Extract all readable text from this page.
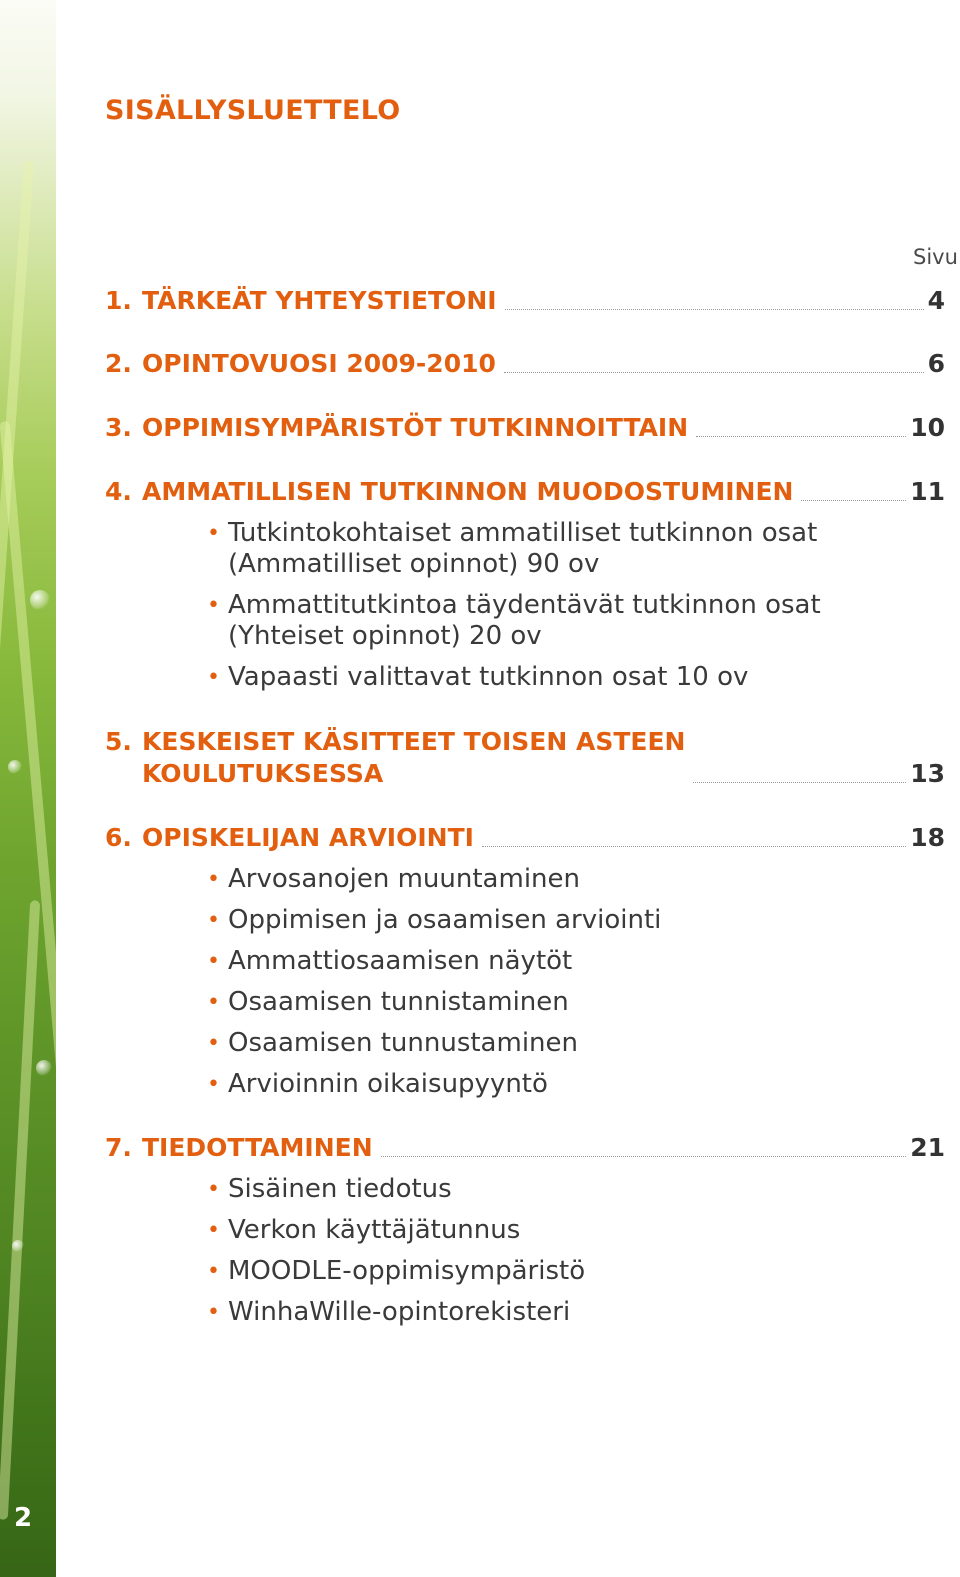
2
SISÄLLYSLUETTELO
Sivu
1. TÄRKEÄT YHTEYSTIETONI	4
2. OPINTOVUOSI 2009-2010	6
3. OPPIMISYMPÄRISTÖT TUTKINNOITTAIN	10
4. AMMATILLISEN TUTKINNON MUODOSTUMINEN	11
• Tutkintokohtaiset ammatilliset tutkinnon osat
(Ammatilliset opinnot) 90 ov
• Ammattitutkintoa täydentävät tutkinnon osat
(Yhteiset opinnot) 20 ov
• Vapaasti valittavat tutkinnon osat 10 ov
5. KESKEISET KÄSITTEET TOISEN ASTEEN
KOULUTUKSESSA	13
6. OPISKELIJAN ARVIOINTI	18
• Arvosanojen muuntaminen
• Oppimisen ja osaamisen arviointi
• Ammattiosaamisen näytöt
• Osaamisen tunnistaminen
• Osaamisen tunnustaminen
• Arvioinnin oikaisupyyntö
7. TIEDOTTAMINEN	21
• Sisäinen tiedotus
• Verkon käyttäjätunnus
• MOODLE-oppimisympäristö
• WinhaWille-opintorekisteri
